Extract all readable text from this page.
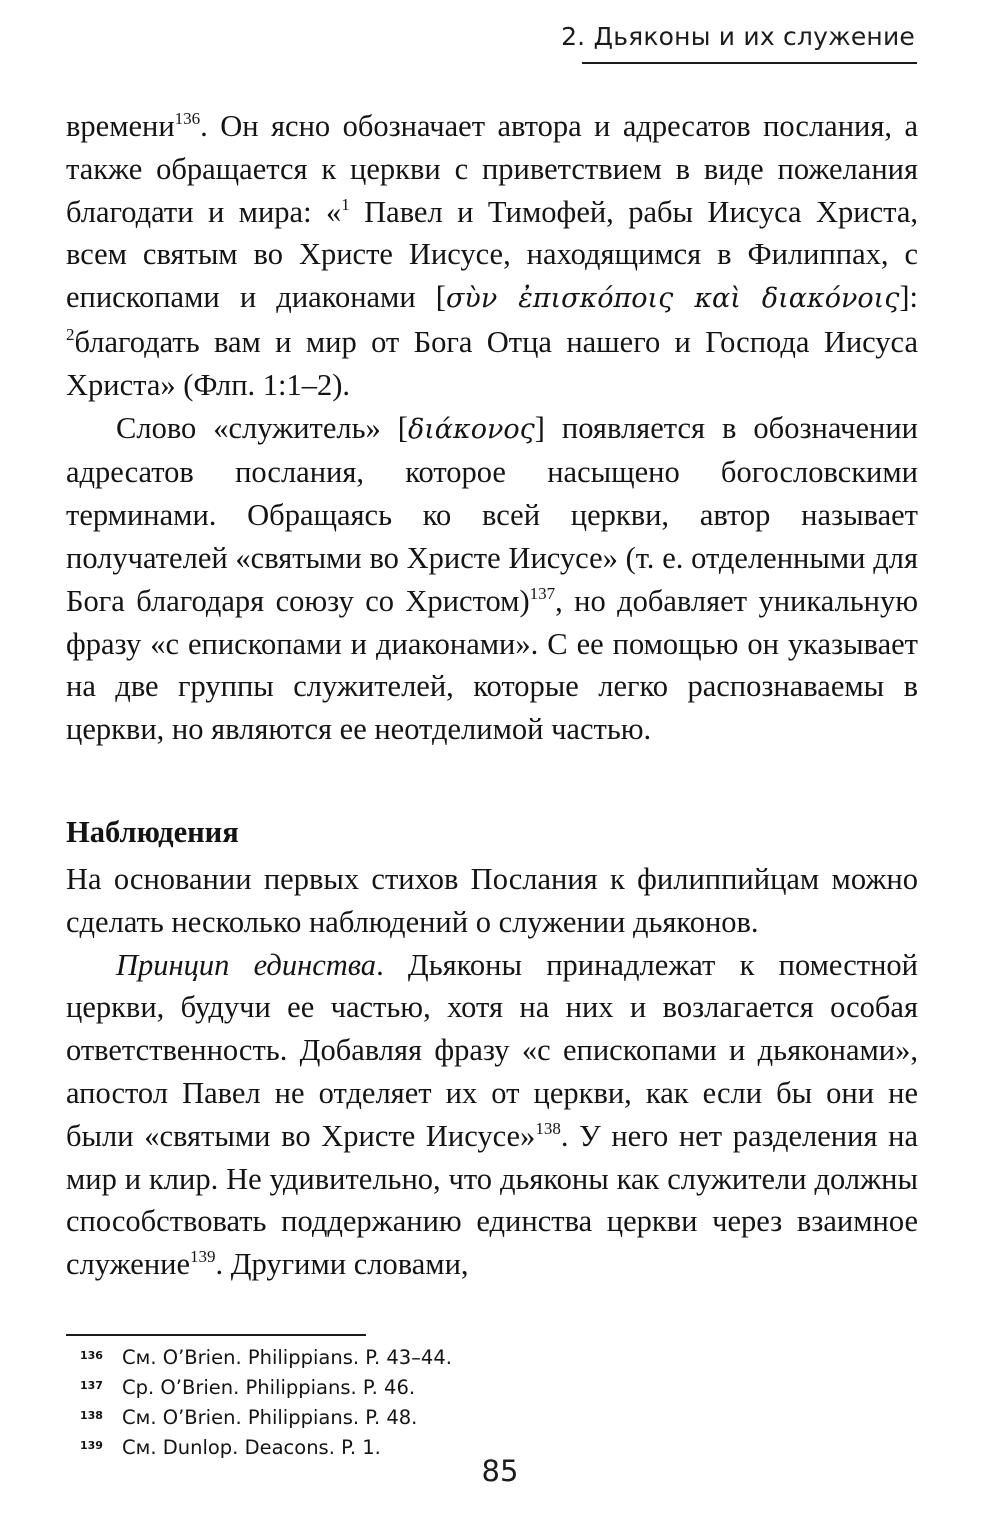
2. Дьяконы и их служение

времени$^{136}$. Он ясно обозначает автора и адресатов послания, а также обращается к церкви с приветствием в виде пожелания благодати и мира: «$^1$ Павел и Тимофей, рабы Иисуса Христа, всем святым во Христе Иисусе, находящимся в Филиппах, с епископами и диаконами [σὺν ἐπισκόποις καὶ διακόνοις]: $^2$благодать вам и мир от Бога Отца нашего и Господа Иисуса Христа» (Флп. 1:1–2).

Слово «служитель» [διάκονος] появляется в обозначении адресатов послания, которое насыщено богословскими терминами. Обращаясь ко всей церкви, автор называет получателей «святыми во Христе Иисусе» (т. е. отделенными для Бога благодаря союзу со Христом)$^{137}$, но добавляет уникальную фразу «с епископами и диаконами». С ее помощью он указывает на две группы служителей, которые легко распознаваемы в церкви, но являются ее неотделимой частью.

Наблюдения

На основании первых стихов Послания к филиппийцам можно сделать несколько наблюдений о служении дьяконов.

Принцип единства. Дьяконы принадлежат к поместной церкви, будучи ее частью, хотя на них и возлагается особая ответственность. Добавляя фразу «с епископами и дьяконами», апостол Павел не отделяет их от церкви, как если бы они не были «святыми во Христе Иисусе»$^{138}$. У него нет разделения на мир и клир. Не удивительно, что дьяконы как служители должны способствовать поддержанию единства церкви через взаимное служение$^{139}$. Другими словами,

136 См. O’Brien. Philippians. P. 43–44.
137 Ср. O’Brien. Philippians. P. 46.
138 См. O’Brien. Philippians. P. 48.
139 См. Dunlop. Deacons. P. 1.
85
